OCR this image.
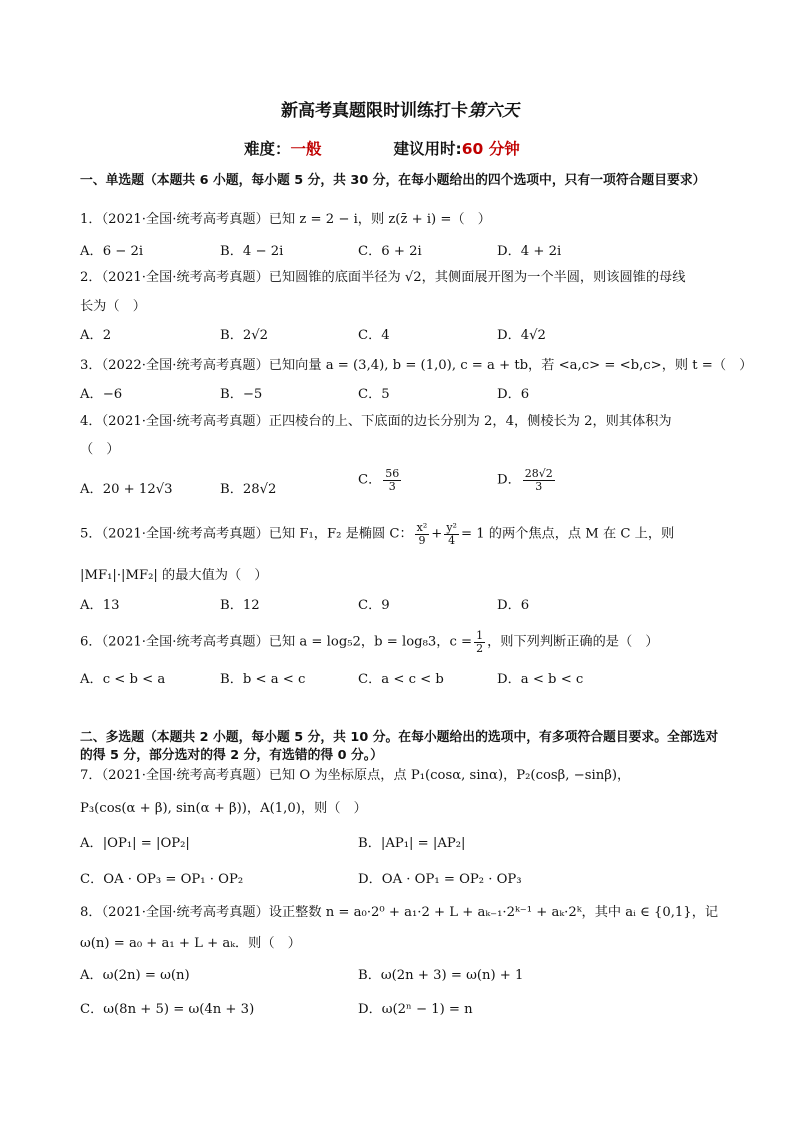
新高考真题限时训练打卡第六天
难度：一般	建议用时:60 分钟
一、单选题（本题共 6 小题，每小题 5 分，共 30 分，在每小题给出的四个选项中，只有一项符合题目要求）
1．（2021·全国·统考高考真题）已知 z = 2 − i，则 z(z̄ + i) =（　）
A．6 − 2i	B．4 − 2i	C．6 + 2i	D．4 + 2i
2．（2021·全国·统考高考真题）已知圆锥的底面半径为 √2，其侧面展开图为一个半圆，则该圆锥的母线
长为（　）
A．2	B．2√2	C．4	D．4√2
3．（2022·全国·统考高考真题）已知向量 a = (3,4), b = (1,0), c = a + tb，若 <a,c> = <b,c>，则 t =（　）
A．−6	B．−5	C．5	D．6
4．（2021·全国·统考高考真题）正四棱台的上、下底面的边长分别为 2，4，侧棱长为 2，则其体积为
（　）
A．20 + 12√3	B．28√2
C． $\frac{56}{3}$	D． $\frac{28√2}{3}$
5．（2021·全国·统考高考真题）已知 F₁，F₂ 是椭圆 C： $\frac{\text{x²}}{9} + \frac{\text{y²}}{4} = 1$ 的两个焦点，点 M 在 C 上，则
|MF₁|·|MF₂| 的最大值为（　）
A．13	B．12	C．9	D．6
6．（2021·全国·统考高考真题）已知 a = log₅2，b = log₈3，$c = \frac{1}{2}$ ，则下列判断正确的是（　）
A．c < b < a	B．b < a < c	C．a < c < b	D．a < b < c
二、多选题（本题共 2 小题，每小题 5 分，共 10 分。在每小题给出的选项中，有多项符合题目要求。全部选对的得 5 分，部分选对的得 2 分，有选错的得 0 分。）
7．（2021·全国·统考高考真题）已知 O 为坐标原点，点 P₁(cosα, sinα)，P₂(cosβ, −sinβ)，
P₃(cos(α + β), sin(α + β))，A(1,0)，则（　）
A．|OP₁| = |OP₂|	B．|AP₁| = |AP₂|
C．OA · OP₃ = OP₁ · OP₂	D．OA · OP₁ = OP₂ · OP₃
8．（2021·全国·统考高考真题）设正整数 n = a₀·2⁰ + a₁·2 + L + aₖ₋₁·2ᵏ⁻¹ + aₖ·2ᵏ，其中 aᵢ ∈ {0,1}，记
ω(n) = a₀ + a₁ + L + aₖ．则（　）
A．ω(2n) = ω(n)	B．ω(2n + 3) = ω(n) + 1
C．ω(8n + 5) = ω(4n + 3)	D．ω(2ⁿ − 1) = n
